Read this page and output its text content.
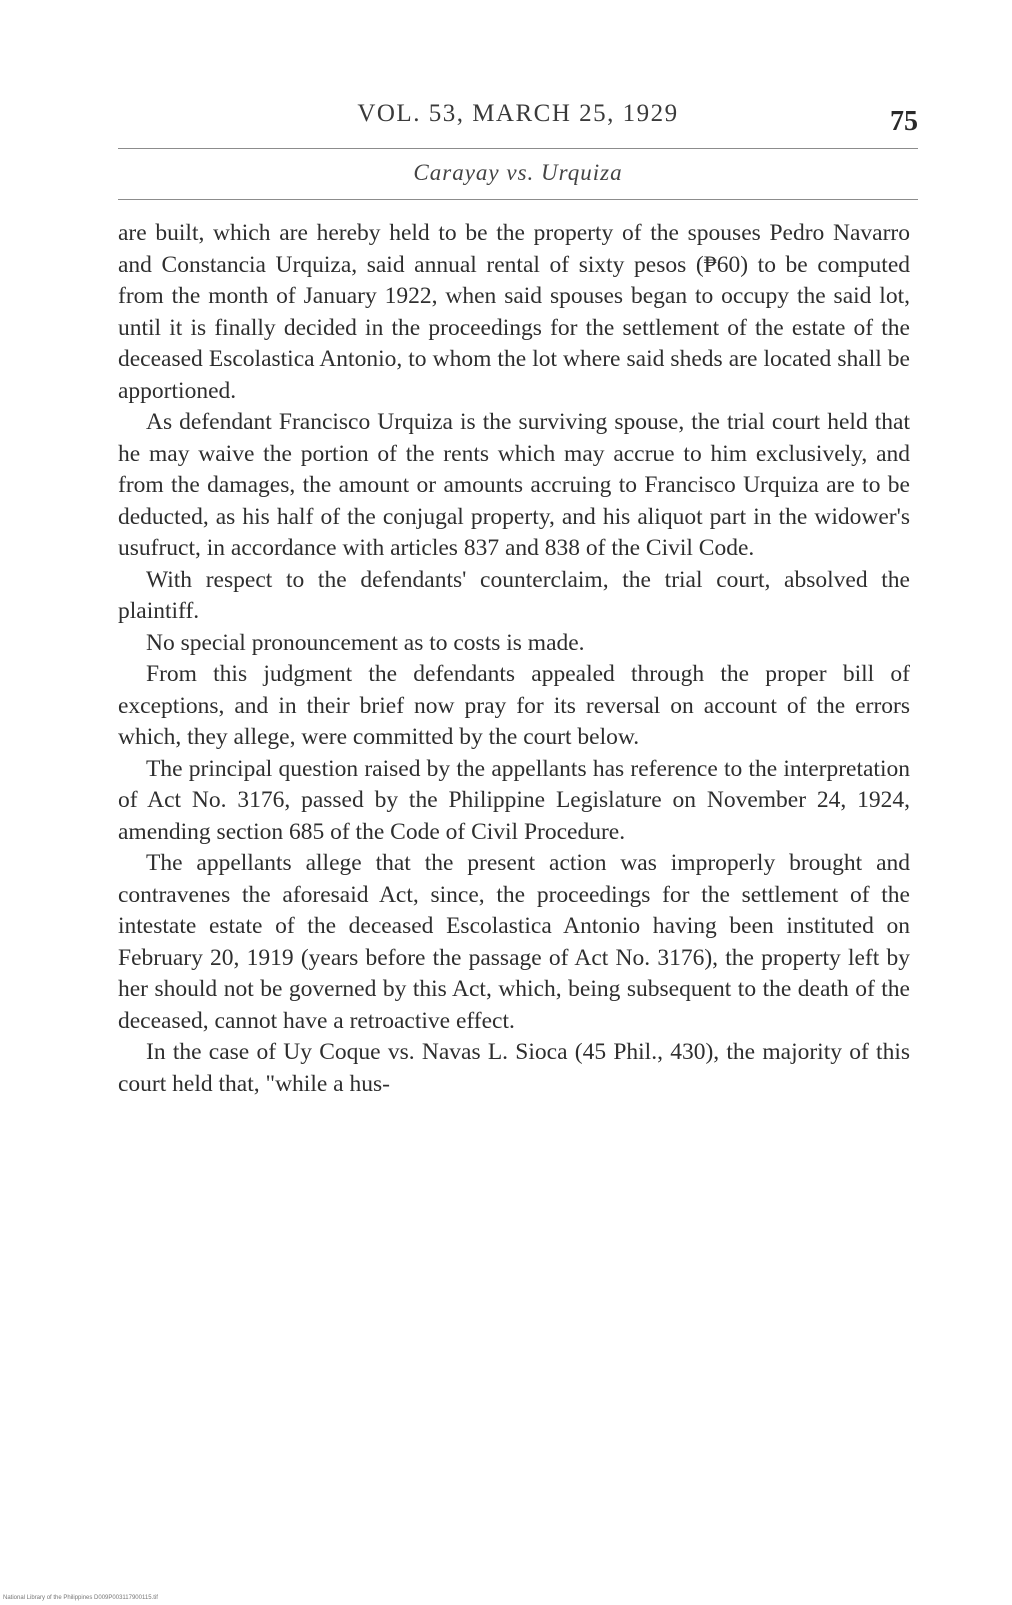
VOL. 53, MARCH 25, 1929	75
Carayay vs. Urquiza

are built, which are hereby held to be the property of the spouses Pedro Navarro and Constancia Urquiza, said annual rental of sixty pesos (₱60) to be computed from the month of January 1922, when said spouses began to occupy the said lot, until it is finally decided in the proceedings for the settlement of the estate of the deceased Escolastica Antonio, to whom the lot where said sheds are located shall be apportioned.

As defendant Francisco Urquiza is the surviving spouse, the trial court held that he may waive the portion of the rents which may accrue to him exclusively, and from the damages, the amount or amounts accruing to Francisco Urquiza are to be deducted, as his half of the conjugal property, and his aliquot part in the widower's usufruct, in accordance with articles 837 and 838 of the Civil Code.

With respect to the defendants' counterclaim, the trial court, absolved the plaintiff.

No special pronouncement as to costs is made.

From this judgment the defendants appealed through the proper bill of exceptions, and in their brief now pray for its reversal on account of the errors which, they allege, were committed by the court below.

The principal question raised by the appellants has reference to the interpretation of Act No. 3176, passed by the Philippine Legislature on November 24, 1924, amending section 685 of the Code of Civil Procedure.

The appellants allege that the present action was improperly brought and contravenes the aforesaid Act, since, the proceedings for the settlement of the intestate estate of the deceased Escolastica Antonio having been instituted on February 20, 1919 (years before the passage of Act No. 3176), the property left by her should not be governed by this Act, which, being subsequent to the death of the deceased, cannot have a retroactive effect.

In the case of Uy Coque vs. Navas L. Sioca (45 Phil., 430), the majority of this court held that, "while a hus-

National Library of the Philippines D009P003117900115.tif
